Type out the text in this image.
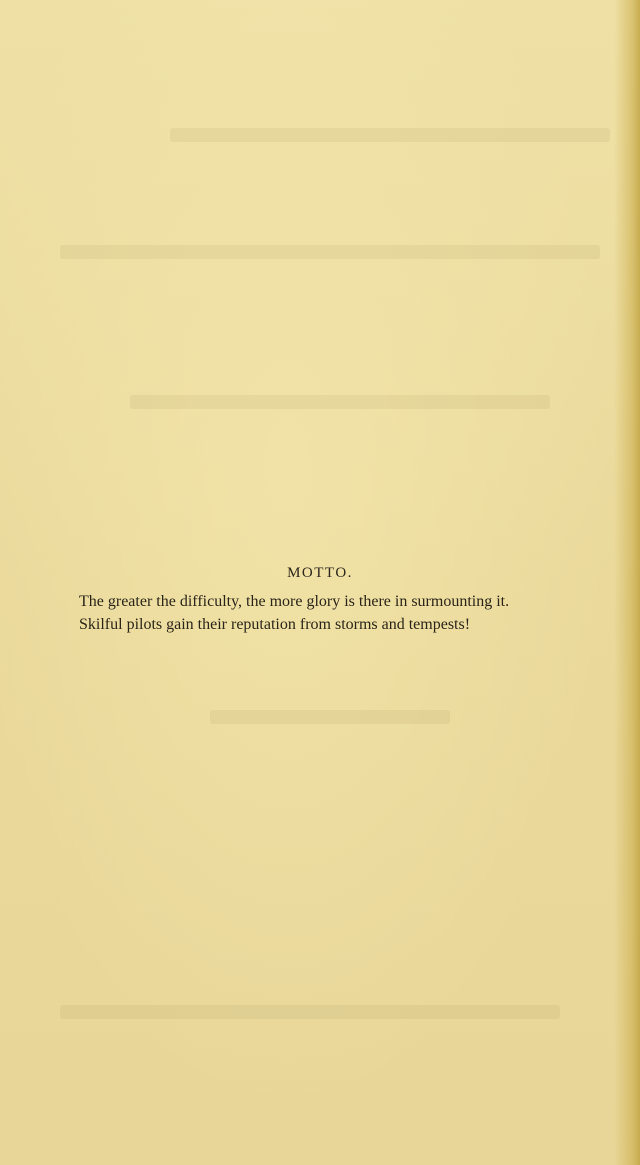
MOTTO.
The greater the difficulty, the more glory is there in surmounting it.
Skilful pilots gain their reputation from storms and tempests!
